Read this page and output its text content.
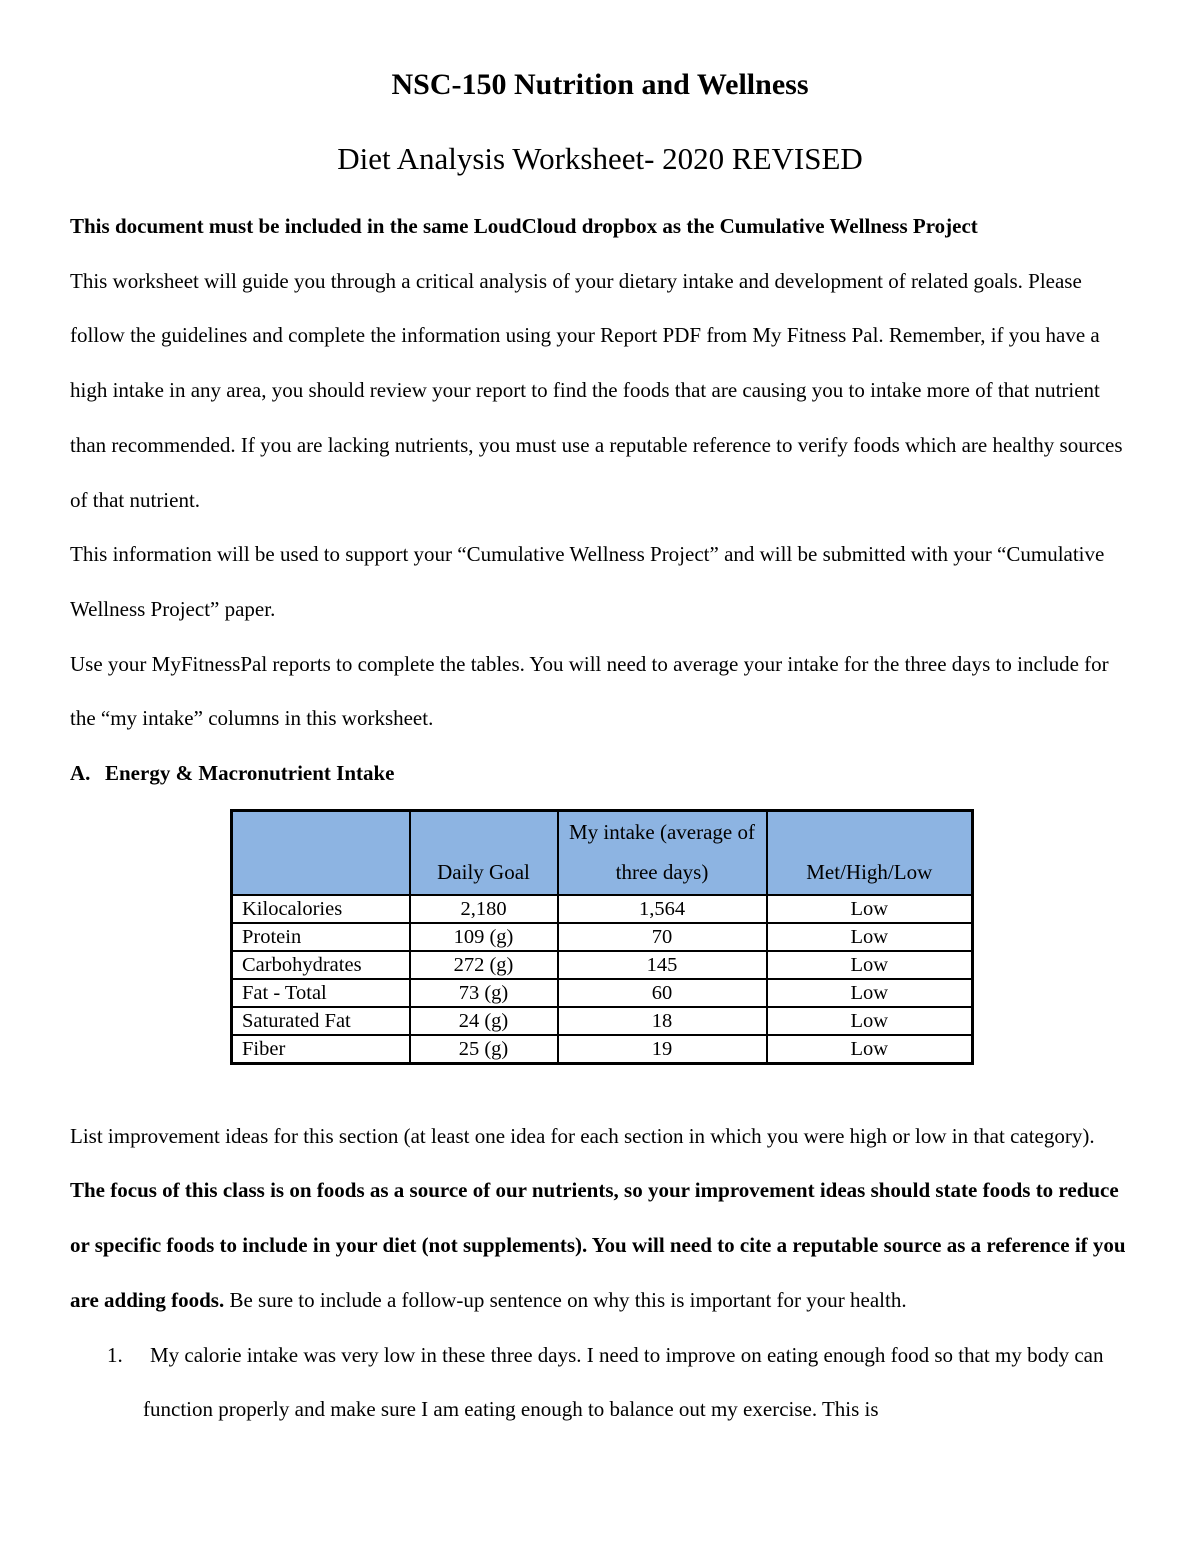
NSC-150 Nutrition and Wellness
Diet Analysis Worksheet- 2020 REVISED

This document must be included in the same LoudCloud dropbox as the Cumulative Wellness Project

This worksheet will guide you through a critical analysis of your dietary intake and development of related goals. Please follow the guidelines and complete the information using your Report PDF from My Fitness Pal. Remember, if you have a high intake in any area, you should review your report to find the foods that are causing you to intake more of that nutrient than recommended. If you are lacking nutrients, you must use a reputable reference to verify foods which are healthy sources of that nutrient.

This information will be used to support your “Cumulative Wellness Project” and will be submitted with your “Cumulative Wellness Project” paper.

Use your MyFitnessPal reports to complete the tables. You will need to average your intake for the three days to include for the “my intake” columns in this worksheet.

A. Energy & Macronutrient Intake
	Daily Goal	My intake (average of three days)	Met/High/Low
Kilocalories	2,180	1,564	Low
Protein	109 (g)	70	Low
Carbohydrates	272 (g)	145	Low
Fat - Total	73 (g)	60	Low
Saturated Fat	24 (g)	18	Low
Fiber	25 (g)	19	Low

List improvement ideas for this section (at least one idea for each section in which you were high or low in that category). The focus of this class is on foods as a source of our nutrients, so your improvement ideas should state foods to reduce or specific foods to include in your diet (not supplements). You will need to cite a reputable source as a reference if you are adding foods. Be sure to include a follow-up sentence on why this is important for your health.

1.	My calorie intake was very low in these three days. I need to improve on eating enough food so that my body can function properly and make sure I am eating enough to balance out my exercise. This is
